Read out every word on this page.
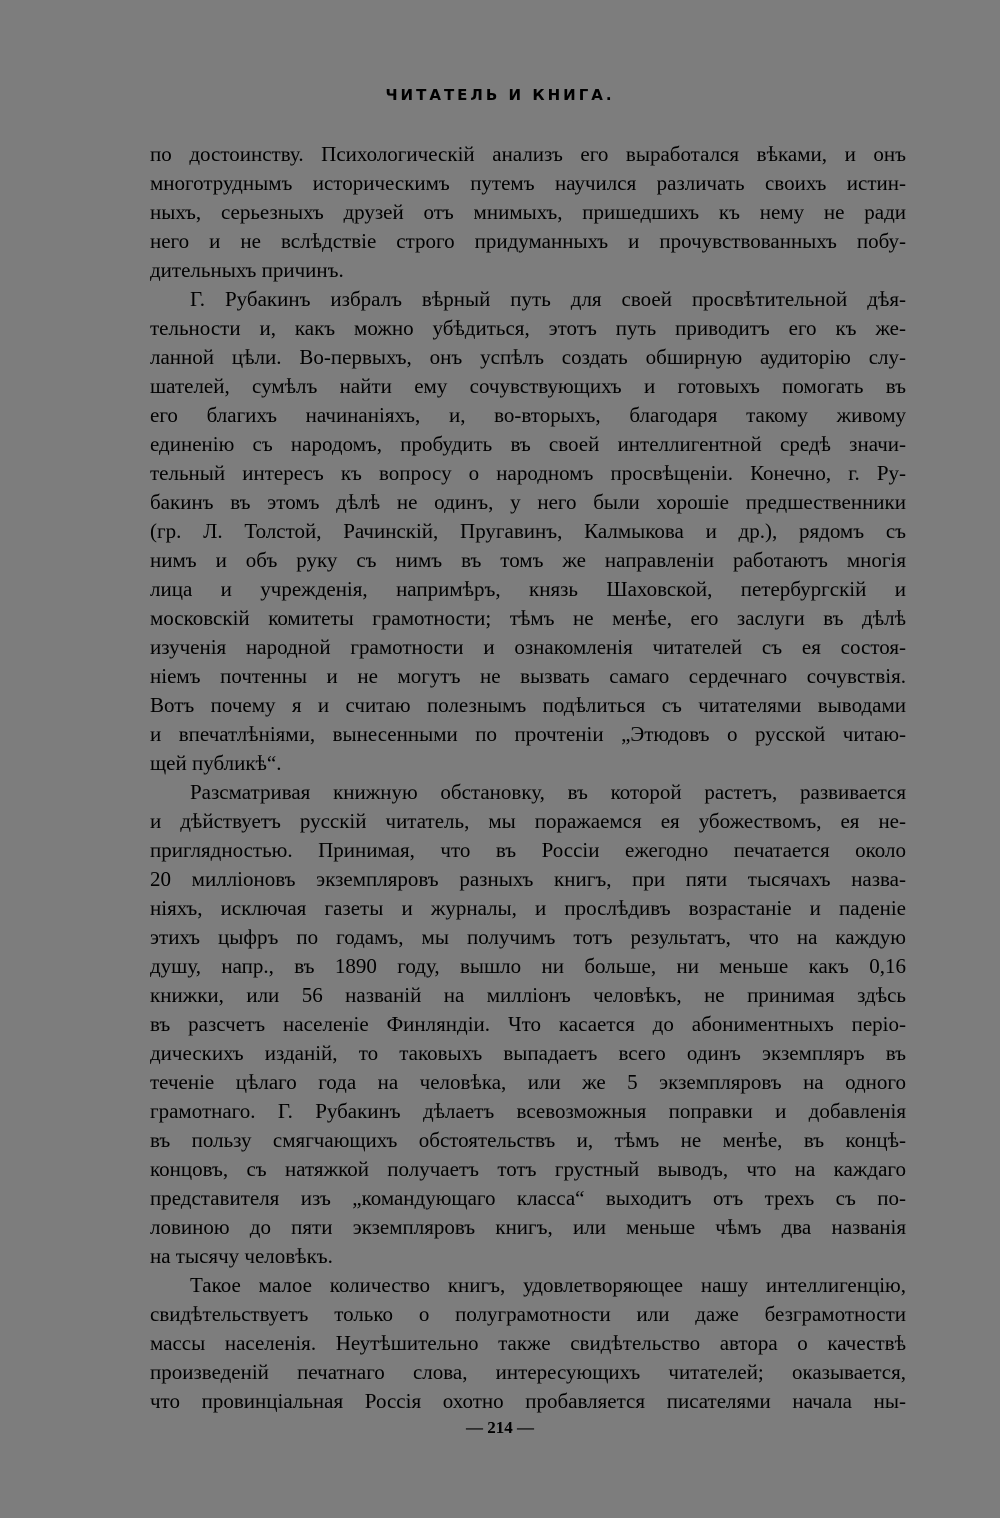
ЧИТАТЕЛЬ И КНИГА.
по достоинству. Психологическій анализъ его выработался вѣками, и онъ
многотруднымъ историческимъ путемъ научился различать своихъ истин-
ныхъ, серьезныхъ друзей отъ мнимыхъ, пришедшихъ къ нему не ради
него и не вслѣдствіе строго придуманныхъ и прочувствованныхъ побу-
дительныхъ причинъ.
Г. Рубакинъ избралъ вѣрный путь для своей просвѣтительной дѣя-
тельности и, какъ можно убѣдиться, этотъ путь приводитъ его къ же-
ланной цѣли. Во-первыхъ, онъ успѣлъ создать обширную аудиторію слу-
шателей, сумѣлъ найти ему сочувствующихъ и готовыхъ помогать въ
его благихъ начинаніяхъ, и, во-вторыхъ, благодаря такому живому
единенію съ народомъ, пробудить въ своей интеллигентной средѣ значи-
тельный интересъ къ вопросу о народномъ просвѣщеніи. Конечно, г. Ру-
бакинъ въ этомъ дѣлѣ не одинъ, у него были хорошіе предшественники
(гр. Л. Толстой, Рачинскій, Пругавинъ, Калмыкова и др.), рядомъ съ
нимъ и объ руку съ нимъ въ томъ же направленіи работаютъ многія
лица и учрежденія, напримѣръ, князь Шаховской, петербургскій и
московскій комитеты грамотности; тѣмъ не менѣе, его заслуги въ дѣлѣ
изученія народной грамотности и ознакомленія читателей съ ея состоя-
ніемъ почтенны и не могутъ не вызвать самаго сердечнаго сочувствія.
Вотъ почему я и считаю полезнымъ подѣлиться съ читателями выводами
и впечатлѣніями, вынесенными по прочтеніи „Этюдовъ о русской читаю-
щей публикѣ“.
Разсматривая книжную обстановку, въ которой растетъ, развивается
и дѣйствуетъ русскій читатель, мы поражаемся ея убожествомъ, ея не-
приглядностью. Принимая, что въ Россіи ежегодно печатается около
20 милліоновъ экземпляровъ разныхъ книгъ, при пяти тысячахъ назва-
ніяхъ, исключая газеты и журналы, и прослѣдивъ возрастаніе и паденіе
этихъ цыфръ по годамъ, мы получимъ тотъ результатъ, что на каждую
душу, напр., въ 1890 году, вышло ни больше, ни меньше какъ 0,16
книжки, или 56 названій на милліонъ человѣкъ, не принимая здѣсь
въ разсчетъ населеніе Финляндіи. Что касается до абониментныхъ періо-
дическихъ изданій, то таковыхъ выпадаетъ всего одинъ экземпляръ въ
теченіе цѣлаго года на человѣка, или же 5 экземпляровъ на одного
грамотнаго. Г. Рубакинъ дѣлаетъ всевозможныя поправки и добавленія
въ пользу смягчающихъ обстоятельствъ и, тѣмъ не менѣе, въ концѣ-
концовъ, съ натяжкой получаетъ тотъ грустный выводъ, что на каждаго
представителя изъ „командующаго класса“ выходитъ отъ трехъ съ по-
ловиною до пяти экземпляровъ книгъ, или меньше чѣмъ два названія
на тысячу человѣкъ.
Такое малое количество книгъ, удовлетворяющее нашу интеллигенцію,
свидѣтельствуетъ только о полуграмотности или даже безграмотности
массы населенія. Неутѣшительно также свидѣтельство автора о качествѣ
произведеній печатнаго слова, интересующихъ читателей; оказывается,
что провинціальная Россія охотно пробавляется писателями начала ны-
— 214 —
